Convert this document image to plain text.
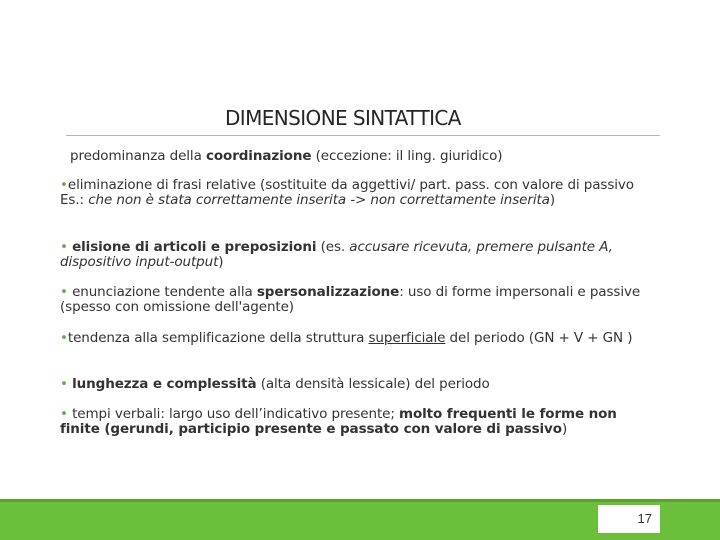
DIMENSIONE SINTATTICA
predominanza della coordinazione (eccezione: il ling. giuridico)
•eliminazione di frasi relative (sostituite da aggettivi/ part. pass. con valore di passivo Es.: che non è stata correttamente inserita -> non correttamente inserita)
• elisione di articoli e preposizioni (es. accusare ricevuta, premere pulsante A, dispositivo input-output)
• enunciazione tendente alla spersonalizzazione: uso di forme impersonali e passive (spesso con omissione dell'agente)
•tendenza alla semplificazione della struttura superficiale del periodo (GN + V + GN )
• lunghezza e complessità (alta densità lessicale) del periodo
• tempi verbali: largo uso dell’indicativo presente; molto frequenti le forme non finite (gerundi, participio presente e passato con valore di passivo)
17
